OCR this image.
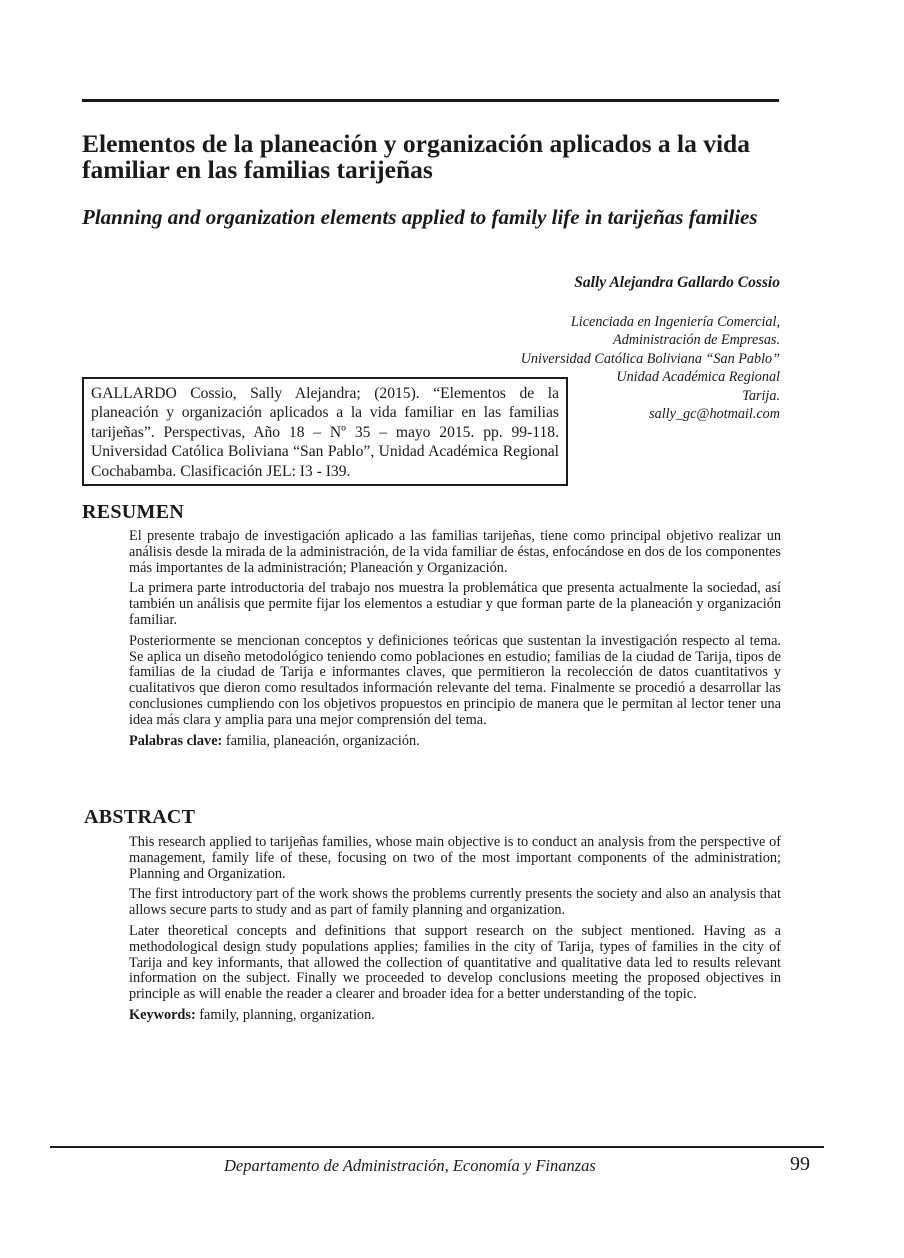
Elementos de la planeación y organización aplicados a la vida familiar en las familias tarijeñas
Planning and organization elements applied to family life in tarijeñas families
Sally Alejandra Gallardo Cossio
Licenciada en Ingeniería Comercial,
Administración de Empresas.
Universidad Católica Boliviana “San Pablo”
Unidad Académica Regional
Tarija.
sally_gc@hotmail.com
GALLARDO Cossio, Sally Alejandra; (2015). “Elementos de la planeación y organización aplicados a la vida familiar en las familias tarijeñas”. Perspectivas, Año 18 – Nº 35 – mayo 2015. pp. 99-118. Universidad Católica Boliviana “San Pablo”, Unidad Académica Regional Cochabamba. Clasificación JEL: I3 - I39.
RESUMEN

El presente trabajo de investigación aplicado a las familias tarijeñas, tiene como principal objetivo realizar un análisis desde la mirada de la administración, de la vida familiar de éstas, enfocándose en dos de los componentes más importantes de la administración; Planeación y Organización.

La primera parte introductoria del trabajo nos muestra la problemática que presenta actualmente la sociedad, así también un análisis que permite fijar los elementos a estudiar y que forman parte de la planeación y organización familiar.

Posteriormente se mencionan conceptos y definiciones teóricas que sustentan la investigación respecto al tema. Se aplica un diseño metodológico teniendo como poblaciones en estudio; familias de la ciudad de Tarija, tipos de familias de la ciudad de Tarija e informantes claves, que permitieron la recolección de datos cuantitativos y cualitativos que dieron como resultados información relevante del tema. Finalmente se procedió a desarrollar las conclusiones cumpliendo con los objetivos propuestos en principio de manera que le permitan al lector tener una idea más clara y amplia para una mejor comprensión del tema.

Palabras clave: familia, planeación, organización.

ABSTRACT

This research applied to tarijeñas families, whose main objective is to conduct an analysis from the perspective of management, family life of these, focusing on two of the most important components of the administration; Planning and Organization.

The first introductory part of the work shows the problems currently presents the society and also an analysis that allows secure parts to study and as part of family planning and organization.

Later theoretical concepts and definitions that support research on the subject mentioned. Having as a methodological design study populations applies; families in the city of Tarija, types of families in the city of Tarija and key informants, that allowed the collection of quantitative and qualitative data led to results relevant information on the subject. Finally we proceeded to develop conclusions meeting the proposed objectives in principle as will enable the reader a clearer and broader idea for a better understanding of the topic.

Keywords: family, planning, organization.

Departamento de Administración, Economía y Finanzas	99
